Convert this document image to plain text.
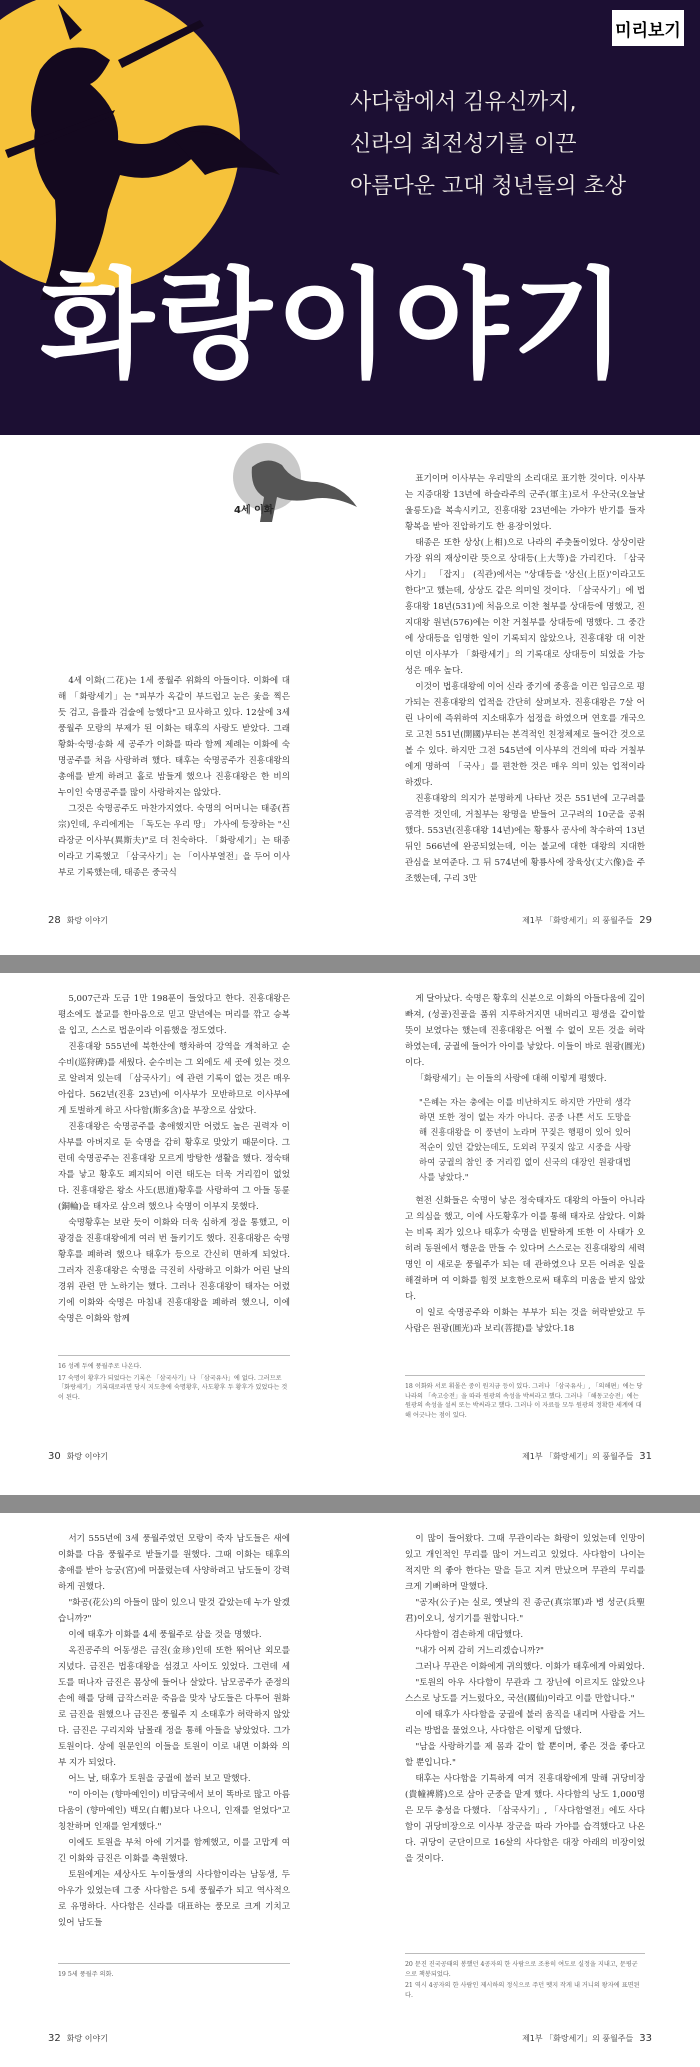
미리보기
사다함에서 김유신까지,
신라의 최전성기를 이끈
아름다운 고대 청년들의 초상
화랑이야기
4세 이화

4세 이화(二花)는 1세 풍월주 위화의 아들이다. 이화에 대해 「화랑세기」는 "피부가 옥같이 부드럽고 눈은 옻을 찍은 듯 검고, 음률과 검술에 능했다"고 묘사하고 있다. 12살에 3세 풍월주 모랑의 부제가 된 이화는 태후의 사랑도 받았다. 그래 황화·숙명·송화 세 공주가 이화를 따라 함께 제례는 이화에 숙명공주를 처음 사랑하려 했다. 태후는 숙명공주가 진흥대왕의 총애를 받게 하려고 홀로 밤들게 했으나 진흥대왕은 한 비의 누이인 숙명공주를 많이 사랑하지는 않았다.

그것은 숙명공주도 마찬가지였다. 숙명의 어머니는 태종(苔宗)인데, 우리에게는 「독도는 우리 땅」 가사에 등장하는 "신라장군 이사부(異斯夫)"로 더 친숙하다. 「화랑세기」는 태종이라고 기록했고 「삼국사기」는 「이사부열전」을 두어 이사부로 기록했는데, 태종은 중국식

표기이며 이사부는 우리말의 소리대로 표기한 것이다. 이사부는 지증대왕 13년에 하슬라주의 군주(軍主)로서 우산국(오늘날 울릉도)을 복속시키고, 진흥대왕 23년에는 가야가 반기를 들자 황복을 받아 진압하기도 한 용장이었다.

태종은 또한 상상(上相)으로 나라의 주춧돌이었다. 상상이란 가장 위의 재상이란 뜻으로 상대등(上大等)을 가리킨다. 「삼국사기」 「잡지」 (직관)에서는 "상대등을 '상신(上臣)'이라고도 한다"고 했는데, 상상도 같은 의미일 것이다. 「삼국사기」에 법흥대왕 18년(531)에 처음으로 이찬 철부를 상대등에 명했고, 진지대왕 원년(576)에는 이찬 거칠부를 상대등에 명했다. 그 중간에 상대등을 임명한 일이 기록되지 않았으나, 진흥대왕 대 이찬이던 이사부가 「화랑세기」의 기록대로 상대등이 되었을 가능성은 매우 높다.

이것이 법흥대왕에 이어 신라 중기에 중흥을 이끈 임금으로 평가되는 진흥대왕의 업적을 간단히 살펴보자. 진흥대왕은 7살 어린 나이에 즉위하여 지소태후가 섭정을 하였으며 연호를 개국으로 고친 551년(開國)부터는 본격적인 친정체제로 들어간 것으로 볼 수 있다. 하지만 그전 545년에 이사부의 건의에 따라 거칠부에게 명하여 「국사」를 편찬한 것은 매우 의미 있는 업적이라 하겠다.

진흥대왕의 의지가 분명하게 나타난 것은 551년에 고구려를 공격한 것인데, 거칠부는 왕명을 받들어 고구려의 10군을 공취했다. 553년(진흥대왕 14년)에는 황룡사 공사에 착수하여 13년 뒤인 566년에 완공되었는데, 이는 불교에 대한 대왕의 지대한 관심을 보여준다. 그 뒤 574년에 황룡사에 장육상(丈六像)을 주조했는데, 구리 3만

28 화랑 이야기	제1부 「화랑세기」의 풍월주들 29

5,007근과 도금 1만 198푼이 들었다고 한다. 진흥대왕은 평소에도 불교를 한마음으로 믿고 말년에는 머리를 깎고 승복을 입고, 스스로 법운이라 이름했을 정도였다.

진흥대왕 555년에 북한산에 행차하여 강역을 개척하고 순수비(巡狩碑)를 세웠다. 순수비는 그 외에도 세 곳에 있는 것으로 알려져 있는데 「삼국사기」에 관련 기록이 없는 것은 매우 아쉽다. 562년(진흥 23년)에 이사부가 모반하므로 이사부에게 토벌하게 하고 사다함(斯多含)을 부장으로 삼았다.

진흥대왕은 숙명공주를 총애했지만 어렸도 높은 권력자 이사부를 아버지로 둔 숙명을 감히 황후로 맞았기 때문이다. 그런데 숙명공주는 진흥대왕 모르게 방탕한 생활을 했다. 정숙태자를 낳고 황후도 폐지되어 이런 태도는 더욱 거리낌이 없었다. 진흥대왕은 왕소 사도(思道)황후를 사랑하여 그 아들 동륜(銅輪)을 태자로 삼으려 했으나 숙명이 이부지 못했다.

숙명황후는 보란 듯이 이화와 더욱 심하게 정을 통했고, 이 광경을 진흥대왕에게 여러 번 들키기도 했다. 진흥대왕은 숙명황후를 폐하려 했으나 태후가 등으로 간신히 면하게 되었다. 그러자 진흥대왕은 숙명을 극진히 사랑하고 이화가 어린 날의 경위 관련 만 노하기는 했다. 그러나 진흥대왕이 태자는 어렸기에 이화와 숙명은 마침내 진흥대왕을 폐하려 했으니, 이에 숙명은 이화와 함께

16 성례 두에 풍월주로 나온다.
17 숙명이 황후가 되었다는 기록은 「삼국사기」나 「삼국유사」에 없다. 그러므로 「화랑세기」 기록대로라면 당시 지도층에 숙명황후, 사도황후 두 황후가 있었다는 것이 된다.

게 달아났다. 숙명은 황후의 신분으로 이화의 아들다움에 깊이 빠져, (성골)진골을 품위 지루하거지면 내버리고 평생을 같이할 뜻이 보였다는 했는데 진흥대왕은 어쩔 수 없이 모든 것을 허락하였는데, 궁궐에 들어가 아이를 낳았다. 이들이 바로 원광(圓光)이다.

「화랑세기」는 이들의 사랑에 대해 이렇게 평했다.

"은혜는 자는 충에는 이를 비난하지도 하지만 가만히 생각하면 또한 정이 없는 자가 아니다. 공중 나쁜 서도 도망을 해 진흥대왕을 이 풍년이 노라며 꾸짖은 행평이 있어 있어 적순이 있던 같았는데도, 도외려 꾸짖지 않고 시중을 사랑하여 궁궐의 참인 중 거리낌 없이 신국의 대장인 원광대법사를 낳았다."

현전 신화들은 숙명이 낳은 정숙태자도 대왕의 아들이 아니라고 의심을 했고, 이에 사도황후가 이를 통해 태자로 삼았다. 이화는 비록 죄가 있으나 태후가 숙명을 빈탈하게 또한 이 사태가 오히려 동원에서 행운을 만들 수 있다며 스스로는 진흥대왕의 세력 명인 이 새로운 풍월주가 되는 데 관하였으나 모든 어려운 일을 해결하며 여 이화를 힘껏 보호한으로써 태후의 미움을 받지 않았다.

이 일로 숙명공주와 이화는 부부가 되는 것을 허락받았고 두 사람은 원광(圓光)과 보리(菩提)를 낳았다.18

18 이화와 서로 휘몰은 중이 원지금 등이 있다. 그러나 「삼국유사」, 「의해편」에는 당나라의 「속고승전」을 따라 원광의 속성을 박씨라고 했다. 그러나 「해동고승전」에는 원광의 속성을 설씨 또는 박씨라고 했다. 그러나 이 자료들 모두 원광의 정확한 세계에 대해 어긋나는 점이 있다.
30 화랑 이야기	제1부 「화랑세기」의 풍월주들 31

서기 555년에 3세 풍월주였던 모랑이 죽자 남도들은 새에 이화를 다음 풍월주로 받들기를 원했다. 그때 이화는 태후의 총애를 받아 능궁(宮)에 머물렀는데 사양하려고 남도들이 강력하게 권했다.

"화공(花公)의 아들이 많이 있으니 말것 같았는데 누가 알겠습니까?"

이에 태후가 이화를 4세 풍월주로 삼을 것을 명했다.

옥진공주의 어동생은 금진(金珍)인데 또한 뛰어난 외모를 지녔다. 금진은 법흥대왕을 섬겼고 사이도 있었다. 그런데 세도를 떠나자 금진은 몸상에 들어나 살았다. 남모공주가 준정의 손에 해를 당해 급작스러운 죽음을 맞자 낭도들은 다투어 원화로 금진을 원했으나 금진은 풍월주 지 소태후가 허락하지 않았다. 금진은 구리지와 남몰래 정을 통해 아들을 낳았었다. 그가 토원이다. 상에 원문인의 이들을 토원이 이로 내면 이화와 의부 지가 되었다.

어느 날, 태후가 토원을 궁궐에 불러 보고 말했다.

"이 아이는 (향마예인이) 비담국에서 보이 똑바로 많고 아름다움이 (향마예인) 백모(白帽)보다 나으니, 인재를 얻었다"고 칭찬하며 인재를 얻게했다."

이에도 토원을 부처 아에 기거를 함께했고, 이를 고맙게 여긴 이화와 금진은 이화를 축원했다.

토원에게는 세상사도 누이들생의 사다함이라는 남동생, 두 아우가 있었는데 그중 사다함은 5세 풍월주가 되고 역사적으로 유명하다. 사다함은 신라를 대표하는 풍모로 크게 기치고 있어 남도들

19 5세 풍월주 의화.

이 많이 들어왔다. 그때 무관이라는 화랑이 있었는데 인망이 있고 개인적인 무리를 많이 거느리고 있었다. 사다함이 나이는 적지만 의 좋아 한다는 말을 듣고 지켜 만났으며 무관의 무리를 크게 기뻐하며 말했다.

"공자(公子)는 실로, 옛날의 진 종군(真宗軍)과 병 성군(兵聖君)이오니, 성기기를 원합니다."

사다함이 겸손하게 대답했다.

"내가 어찌 감히 거느리겠습니까?"

그러나 무관은 이화에게 귀의했다. 이화가 태후에게 아뢰었다.

"토원의 아우 사다함이 무관과 그 장닌에 이르지도 않았으나 스스로 낭도를 거느렀다오, 국선(國仙)이라고 이를 만합니다."

이에 태후가 사다함을 궁궐에 불러 움직을 내리며 사람을 거느리는 방법을 물었으나, 사다함은 이렇게 답했다.

"남을 사랑하기를 제 몸과 같이 할 뿐이며, 좋은 것을 좋다고 할 뿐입니다."

태후는 사다함을 기특하게 여겨 진흥대왕에게 말해 귀당비장(貴幢裨將)으로 삼아 군중을 맡게 했다. 사다함의 낭도 1,000명은 모두 충성을 다했다. 「삼국사기」, 「사다함열전」에도 사다함이 귀당비장으로 이사부 장군을 따라 가야를 습격했다고 나온다. 귀당이 군단이므로 16살의 사다함은 대장 아래의 비장이었을 것이다.

20 문진 진국공태의 봉했던 4공자의 한 사람으로 조용히 여도로 실정을 지내고, 문평군 으로 책봉되었다.
21 역시 4공자의 한 사람인 제시하의 정식으로 주던 뗏지 작게 내 거니의 왕자에 표면된다.
32 화랑 이야기	제1부 「화랑세기」의 풍월주들 33
